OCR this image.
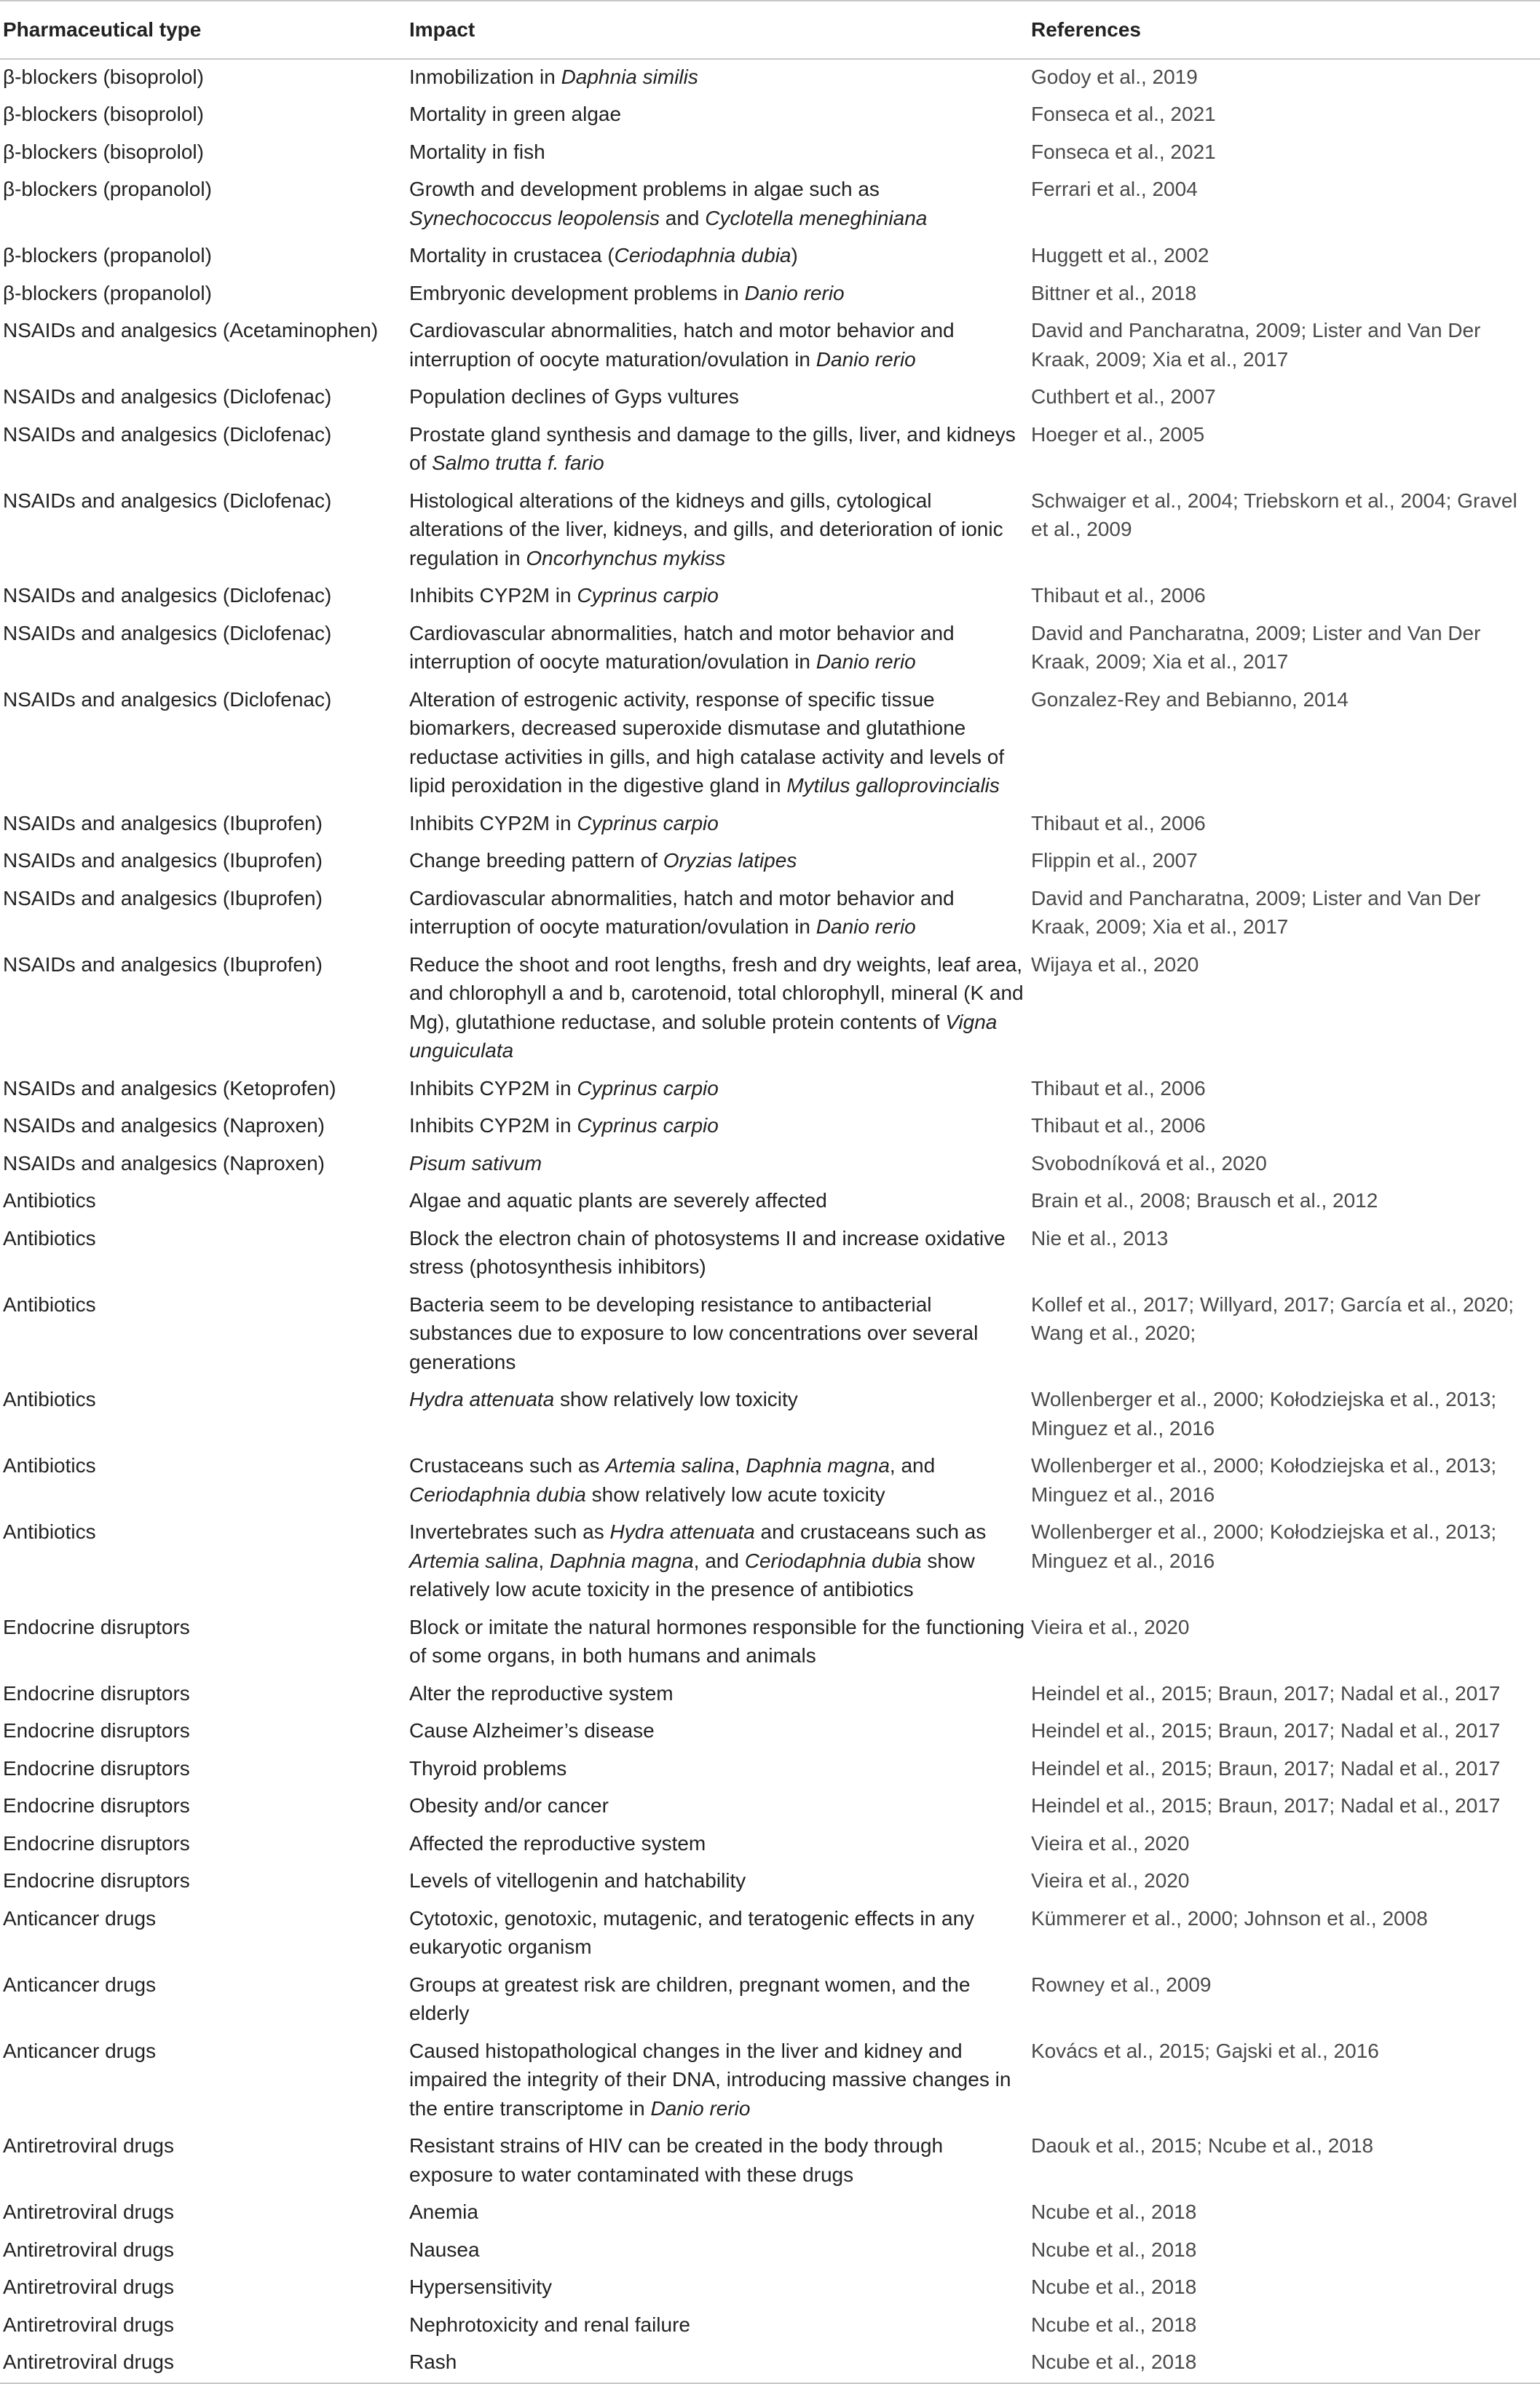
Pharmaceutical type	Impact	References
β-blockers (bisoprolol)	Inmobilization in Daphnia similis	Godoy et al., 2019
β-blockers (bisoprolol)	Mortality in green algae	Fonseca et al., 2021
β-blockers (bisoprolol)	Mortality in fish	Fonseca et al., 2021
β-blockers (propanolol)	Growth and development problems in algae such as Synechococcus leopolensis and Cyclotella meneghiniana	Ferrari et al., 2004
β-blockers (propanolol)	Mortality in crustacea (Ceriodaphnia dubia)	Huggett et al., 2002
β-blockers (propanolol)	Embryonic development problems in Danio rerio	Bittner et al., 2018
NSAIDs and analgesics (Acetaminophen)	Cardiovascular abnormalities, hatch and motor behavior and interruption of oocyte maturation/ovulation in Danio rerio	David and Pancharatna, 2009; Lister and Van Der Kraak, 2009; Xia et al., 2017
NSAIDs and analgesics (Diclofenac)	Population declines of Gyps vultures	Cuthbert et al., 2007
NSAIDs and analgesics (Diclofenac)	Prostate gland synthesis and damage to the gills, liver, and kidneys of Salmo trutta f. fario	Hoeger et al., 2005
NSAIDs and analgesics (Diclofenac)	Histological alterations of the kidneys and gills, cytological alterations of the liver, kidneys, and gills, and deterioration of ionic regulation in Oncorhynchus mykiss	Schwaiger et al., 2004; Triebskorn et al., 2004; Gravel et al., 2009
NSAIDs and analgesics (Diclofenac)	Inhibits CYP2M in Cyprinus carpio	Thibaut et al., 2006
NSAIDs and analgesics (Diclofenac)	Cardiovascular abnormalities, hatch and motor behavior and interruption of oocyte maturation/ovulation in Danio rerio	David and Pancharatna, 2009; Lister and Van Der Kraak, 2009; Xia et al., 2017
NSAIDs and analgesics (Diclofenac)	Alteration of estrogenic activity, response of specific tissue biomarkers, decreased superoxide dismutase and glutathione reductase activities in gills, and high catalase activity and levels of lipid peroxidation in the digestive gland in Mytilus galloprovincialis	Gonzalez-Rey and Bebianno, 2014
NSAIDs and analgesics (Ibuprofen)	Inhibits CYP2M in Cyprinus carpio	Thibaut et al., 2006
NSAIDs and analgesics (Ibuprofen)	Change breeding pattern of Oryzias latipes	Flippin et al., 2007
NSAIDs and analgesics (Ibuprofen)	Cardiovascular abnormalities, hatch and motor behavior and interruption of oocyte maturation/ovulation in Danio rerio	David and Pancharatna, 2009; Lister and Van Der Kraak, 2009; Xia et al., 2017
NSAIDs and analgesics (Ibuprofen)	Reduce the shoot and root lengths, fresh and dry weights, leaf area, and chlorophyll a and b, carotenoid, total chlorophyll, mineral (K and Mg), glutathione reductase, and soluble protein contents of Vigna unguiculata	Wijaya et al., 2020
NSAIDs and analgesics (Ketoprofen)	Inhibits CYP2M in Cyprinus carpio	Thibaut et al., 2006
NSAIDs and analgesics (Naproxen)	Inhibits CYP2M in Cyprinus carpio	Thibaut et al., 2006
NSAIDs and analgesics (Naproxen)	Pisum sativum	Svobodníková et al., 2020
Antibiotics	Algae and aquatic plants are severely affected	Brain et al., 2008; Brausch et al., 2012
Antibiotics	Block the electron chain of photosystems II and increase oxidative stress (photosynthesis inhibitors)	Nie et al., 2013
Antibiotics	Bacteria seem to be developing resistance to antibacterial substances due to exposure to low concentrations over several generations	Kollef et al., 2017; Willyard, 2017; García et al., 2020; Wang et al., 2020;
Antibiotics	Hydra attenuata show relatively low toxicity	Wollenberger et al., 2000; Kołodziejska et al., 2013; Minguez et al., 2016
Antibiotics	Crustaceans such as Artemia salina, Daphnia magna, and Ceriodaphnia dubia show relatively low acute toxicity	Wollenberger et al., 2000; Kołodziejska et al., 2013; Minguez et al., 2016
Antibiotics	Invertebrates such as Hydra attenuata and crustaceans such as Artemia salina, Daphnia magna, and Ceriodaphnia dubia show relatively low acute toxicity in the presence of antibiotics	Wollenberger et al., 2000; Kołodziejska et al., 2013; Minguez et al., 2016
Endocrine disruptors	Block or imitate the natural hormones responsible for the functioning of some organs, in both humans and animals	Vieira et al., 2020
Endocrine disruptors	Alter the reproductive system	Heindel et al., 2015; Braun, 2017; Nadal et al., 2017
Endocrine disruptors	Cause Alzheimer’s disease	Heindel et al., 2015; Braun, 2017; Nadal et al., 2017
Endocrine disruptors	Thyroid problems	Heindel et al., 2015; Braun, 2017; Nadal et al., 2017
Endocrine disruptors	Obesity and/or cancer	Heindel et al., 2015; Braun, 2017; Nadal et al., 2017
Endocrine disruptors	Affected the reproductive system	Vieira et al., 2020
Endocrine disruptors	Levels of vitellogenin and hatchability	Vieira et al., 2020
Anticancer drugs	Cytotoxic, genotoxic, mutagenic, and teratogenic effects in any eukaryotic organism	Kümmerer et al., 2000; Johnson et al., 2008
Anticancer drugs	Groups at greatest risk are children, pregnant women, and the elderly	Rowney et al., 2009
Anticancer drugs	Caused histopathological changes in the liver and kidney and impaired the integrity of their DNA, introducing massive changes in the entire transcriptome in Danio rerio	Kovács et al., 2015; Gajski et al., 2016
Antiretroviral drugs	Resistant strains of HIV can be created in the body through exposure to water contaminated with these drugs	Daouk et al., 2015; Ncube et al., 2018
Antiretroviral drugs	Anemia	Ncube et al., 2018
Antiretroviral drugs	Nausea	Ncube et al., 2018
Antiretroviral drugs	Hypersensitivity	Ncube et al., 2018
Antiretroviral drugs	Nephrotoxicity and renal failure	Ncube et al., 2018
Antiretroviral drugs	Rash	Ncube et al., 2018
